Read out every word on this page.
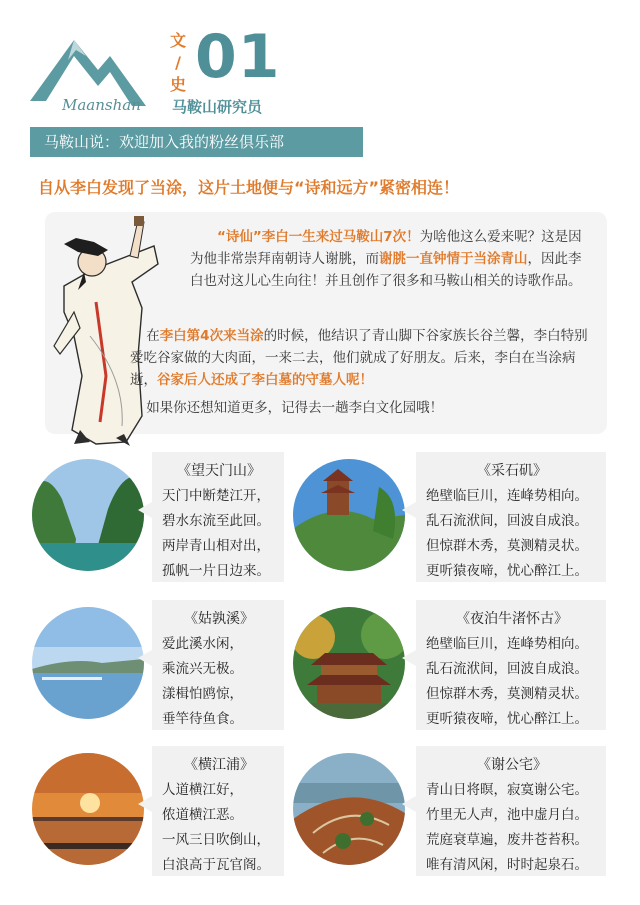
Maanshan
文
/
史 01
马鞍山研究员
马鞍山说：欢迎加入我的粉丝俱乐部
自从李白发现了当涂，这片土地便与“诗和远方”紧密相连！
“诗仙”李白一生来过马鞍山7次！为啥他这么爱来呢？这是因为他非常崇拜南朝诗人谢朓，而谢朓一直钟情于当涂青山，因此李白也对这儿心生向往！并且创作了很多和马鞍山相关的诗歌作品。
在李白第4次来当涂的时候，他结识了青山脚下谷家族长谷兰馨，李白特别爱吃谷家做的大肉面，一来二去，他们就成了好朋友。后来，李白在当涂病逝，谷家后人还成了李白墓的守墓人呢！
如果你还想知道更多，记得去一趟李白文化园哦！
《望天门山》
天门中断楚江开，
碧水东流至此回。
两岸青山相对出，
孤帆一片日边来。
《采石矶》
绝壁临巨川，连峰势相向。
乱石流洑间，回波自成浪。
但惊群木秀，莫测精灵状。
更听猿夜啼，忧心醉江上。
《姑孰溪》
爱此溪水闲，
乘流兴无极。
漾楫怕鸥惊，
垂竿待鱼食。
《夜泊牛渚怀古》
绝壁临巨川，连峰势相向。
乱石流洑间，回波自成浪。
但惊群木秀，莫测精灵状。
更听猿夜啼，忧心醉江上。
《横江浦》
人道横江好，
侬道横江恶。
一风三日吹倒山，
白浪高于瓦官阁。
《谢公宅》
青山日将暝，寂寞谢公宅。
竹里无人声，池中虚月白。
荒庭衰草遍，废井苍苔积。
唯有清风闲，时时起泉石。
